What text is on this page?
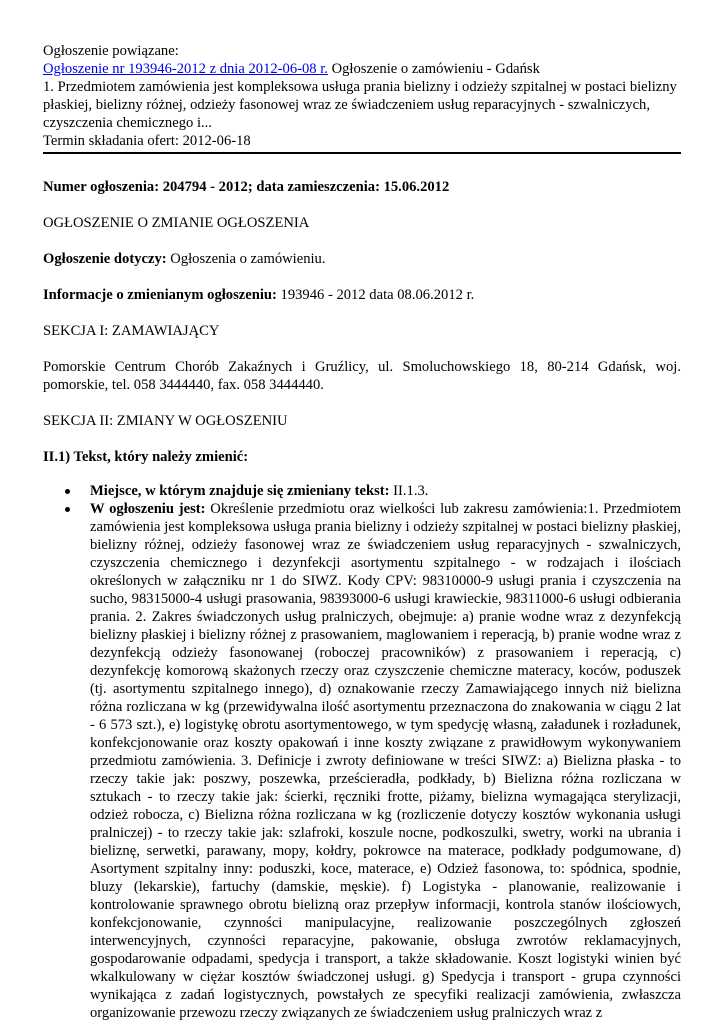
Ogłoszenie powiązane:

Ogłoszenie nr 193946-2012 z dnia 2012-06-08 r. Ogłoszenie o zamówieniu - Gdańsk

1. Przedmiotem zamówienia jest kompleksowa usługa prania bielizny i odzieży szpitalnej w postaci bielizny płaskiej, bielizny różnej, odzieży fasonowej wraz ze świadczeniem usług reparacyjnych - szwalniczych, czyszczenia chemicznego i...

Termin składania ofert: 2012-06-18

Numer ogłoszenia: 204794 - 2012; data zamieszczenia: 15.06.2012

OGŁOSZENIE O ZMIANIE OGŁOSZENIA

Ogłoszenie dotyczy: Ogłoszenia o zamówieniu.

Informacje o zmienianym ogłoszeniu: 193946 - 2012 data 08.06.2012 r.

SEKCJA I: ZAMAWIAJĄCY

Pomorskie Centrum Chorób Zakaźnych i Gruźlicy, ul. Smoluchowskiego 18, 80-214 Gdańsk, woj. pomorskie, tel. 058 3444440, fax. 058 3444440.

SEKCJA II: ZMIANY W OGŁOSZENIU

II.1) Tekst, który należy zmienić:

Miejsce, w którym znajduje się zmieniany tekst: II.1.3.
W ogłoszeniu jest: Określenie przedmiotu oraz wielkości lub zakresu zamówienia:1. Przedmiotem zamówienia jest kompleksowa usługa prania bielizny i odzieży szpitalnej w postaci bielizny płaskiej, bielizny różnej, odzieży fasonowej wraz ze świadczeniem usług reparacyjnych - szwalniczych, czyszczenia chemicznego i dezynfekcji asortymentu szpitalnego - w rodzajach i ilościach określonych w załączniku nr 1 do SIWZ. Kody CPV: 98310000-9 usługi prania i czyszczenia na sucho, 98315000-4 usługi prasowania, 98393000-6 usługi krawieckie, 98311000-6 usługi odbierania prania. 2. Zakres świadczonych usług pralniczych, obejmuje: a) pranie wodne wraz z dezynfekcją bielizny płaskiej i bielizny różnej z prasowaniem, maglowaniem i reperacją, b) pranie wodne wraz z dezynfekcją odzieży fasonowanej (roboczej pracowników) z prasowaniem i reperacją, c) dezynfekcję komorową skażonych rzeczy oraz czyszczenie chemiczne materacy, koców, poduszek (tj. asortymentu szpitalnego innego), d) oznakowanie rzeczy Zamawiającego innych niż bielizna różna rozliczana w kg (przewidywalna ilość asortymentu przeznaczona do znakowania w ciągu 2 lat - 6 573 szt.), e) logistykę obrotu asortymentowego, w tym spedycję własną, załadunek i rozładunek, konfekcjonowanie oraz koszty opakowań i inne koszty związane z prawidłowym wykonywaniem przedmiotu zamówienia. 3. Definicje i zwroty definiowane w treści SIWZ: a) Bielizna płaska - to rzeczy takie jak: poszwy, poszewka, prześcieradła, podkłady, b) Bielizna różna rozliczana w sztukach - to rzeczy takie jak: ścierki, ręczniki frotte, piżamy, bielizna wymagająca sterylizacji, odzież robocza, c) Bielizna różna rozliczana w kg (rozliczenie dotyczy kosztów wykonania usługi pralniczej) - to rzeczy takie jak: szlafroki, koszule nocne, podkoszulki, swetry, worki na ubrania i bieliznę, serwetki, parawany, mopy, kołdry, pokrowce na materace, podkłady podgumowane, d) Asortyment szpitalny inny: poduszki, koce, materace, e) Odzież fasonowa, to: spódnica, spodnie, bluzy (lekarskie), fartuchy (damskie, męskie). f) Logistyka - planowanie, realizowanie i kontrolowanie sprawnego obrotu bielizną oraz przepływ informacji, kontrola stanów ilościowych, konfekcjonowanie, czynności manipulacyjne, realizowanie poszczególnych zgłoszeń interwencyjnych, czynności reparacyjne, pakowanie, obsługa zwrotów reklamacyjnych, gospodarowanie odpadami, spedycja i transport, a także składowanie. Koszt logistyki winien być wkalkulowany w ciężar kosztów świadczonej usługi. g) Spedycja i transport - grupa czynności wynikająca z zadań logistycznych, powstałych ze specyfiki realizacji zamówienia, zwłaszcza organizowanie przewozu rzeczy związanych ze świadczeniem usług pralniczych wraz z
